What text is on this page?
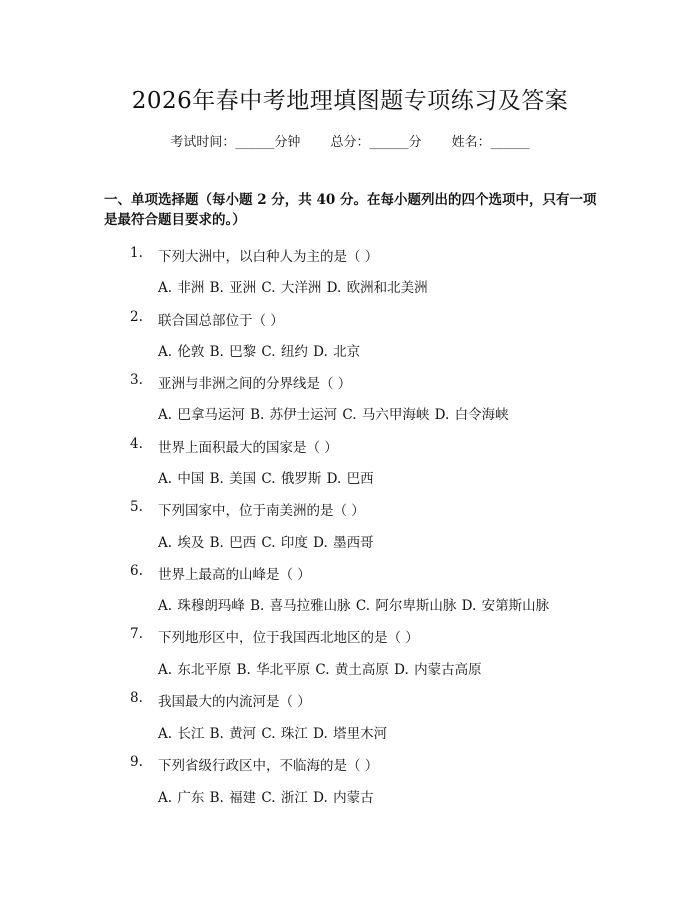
2026年春中考地理填图题专项练习及答案
考试时间：______分钟 总分：______分 姓名：______
一、单项选择题（每小题 2 分，共 40 分。在每小题列出的四个选项中，只有一项是最符合题目要求的。）
1. 下列大洲中，以白种人为主的是（ ）
A. 非洲 B. 亚洲 C. 大洋洲 D. 欧洲和北美洲
2. 联合国总部位于（ ）
A. 伦敦 B. 巴黎 C. 纽约 D. 北京
3. 亚洲与非洲之间的分界线是（ ）
A. 巴拿马运河 B. 苏伊士运河 C. 马六甲海峡 D. 白令海峡
4. 世界上面积最大的国家是（ ）
A. 中国 B. 美国 C. 俄罗斯 D. 巴西
5. 下列国家中，位于南美洲的是（ ）
A. 埃及 B. 巴西 C. 印度 D. 墨西哥
6. 世界上最高的山峰是（ ）
A. 珠穆朗玛峰 B. 喜马拉雅山脉 C. 阿尔卑斯山脉 D. 安第斯山脉
7. 下列地形区中，位于我国西北地区的是（ ）
A. 东北平原 B. 华北平原 C. 黄土高原 D. 内蒙古高原
8. 我国最大的内流河是（ ）
A. 长江 B. 黄河 C. 珠江 D. 塔里木河
9. 下列省级行政区中，不临海的是（ ）
A. 广东 B. 福建 C. 浙江 D. 内蒙古
